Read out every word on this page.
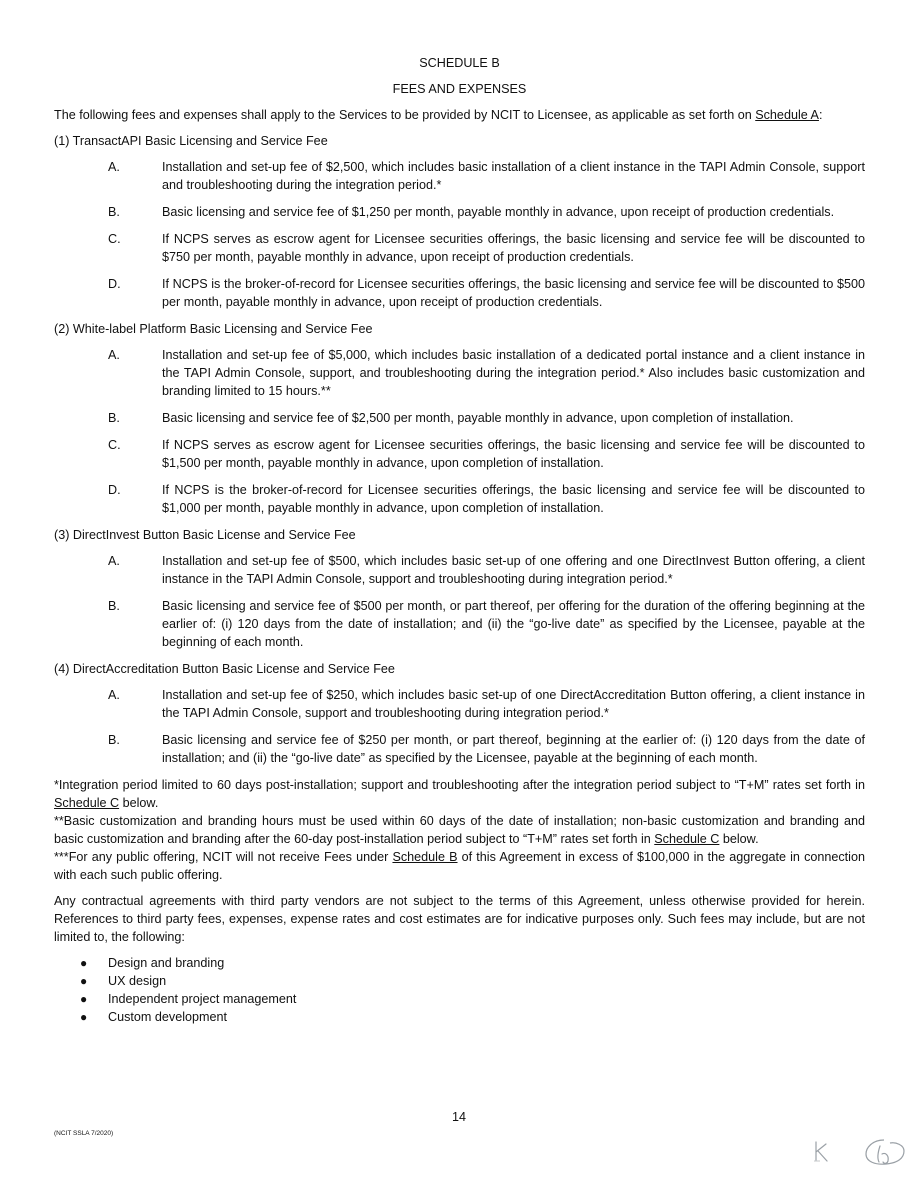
SCHEDULE B
FEES AND EXPENSES

The following fees and expenses shall apply to the Services to be provided by NCIT to Licensee, as applicable as set forth on Schedule A:

(1) TransactAPI Basic Licensing and Service Fee

A.	Installation and set-up fee of $2,500, which includes basic installation of a client instance in the TAPI Admin Console, support and troubleshooting during the integration period.*
B.	Basic licensing and service fee of $1,250 per month, payable monthly in advance, upon receipt of production credentials.
C.	If NCPS serves as escrow agent for Licensee securities offerings, the basic licensing and service fee will be discounted to $750 per month, payable monthly in advance, upon receipt of production credentials.
D.	If NCPS is the broker-of-record for Licensee securities offerings, the basic licensing and service fee will be discounted to $500 per month, payable monthly in advance, upon receipt of production credentials.

(2) White-label Platform Basic Licensing and Service Fee

A.	Installation and set-up fee of $5,000, which includes basic installation of a dedicated portal instance and a client instance in the TAPI Admin Console, support, and troubleshooting during the integration period.* Also includes basic customization and branding limited to 15 hours.**
B.	Basic licensing and service fee of $2,500 per month, payable monthly in advance, upon completion of installation.
C.	If NCPS serves as escrow agent for Licensee securities offerings, the basic licensing and service fee will be discounted to $1,500 per month, payable monthly in advance, upon completion of installation.
D.	If NCPS is the broker-of-record for Licensee securities offerings, the basic licensing and service fee will be discounted to $1,000 per month, payable monthly in advance, upon completion of installation.

(3) DirectInvest Button Basic License and Service Fee

A.	Installation and set-up fee of $500, which includes basic set-up of one offering and one DirectInvest Button offering, a client instance in the TAPI Admin Console, support and troubleshooting during integration period.*
B.	Basic licensing and service fee of $500 per month, or part thereof, per offering for the duration of the offering beginning at the earlier of: (i) 120 days from the date of installation; and (ii) the “go-live date” as specified by the Licensee, payable at the beginning of each month.

(4) DirectAccreditation Button Basic License and Service Fee

A.	Installation and set-up fee of $250, which includes basic set-up of one DirectAccreditation Button offering, a client instance in the TAPI Admin Console, support and troubleshooting during integration period.*
B.	Basic licensing and service fee of $250 per month, or part thereof, beginning at the earlier of: (i) 120 days from the date of installation; and (ii) the “go-live date” as specified by the Licensee, payable at the beginning of each month.

*Integration period limited to 60 days post-installation; support and troubleshooting after the integration period subject to “T+M” rates set forth in Schedule C below.

**Basic customization and branding hours must be used within 60 days of the date of installation; non-basic customization and branding and basic customization and branding after the 60-day post-installation period subject to “T+M” rates set forth in Schedule C below.

***For any public offering, NCIT will not receive Fees under Schedule B of this Agreement in excess of $100,000 in the aggregate in connection with each such public offering.

Any contractual agreements with third party vendors are not subject to the terms of this Agreement, unless otherwise provided for herein. References to third party fees, expenses, expense rates and cost estimates are for indicative purposes only. Such fees may include, but are not limited to, the following:

● Design and branding
● UX design
● Independent project management
● Custom development
14
(NCIT SSLA 7/2020)
